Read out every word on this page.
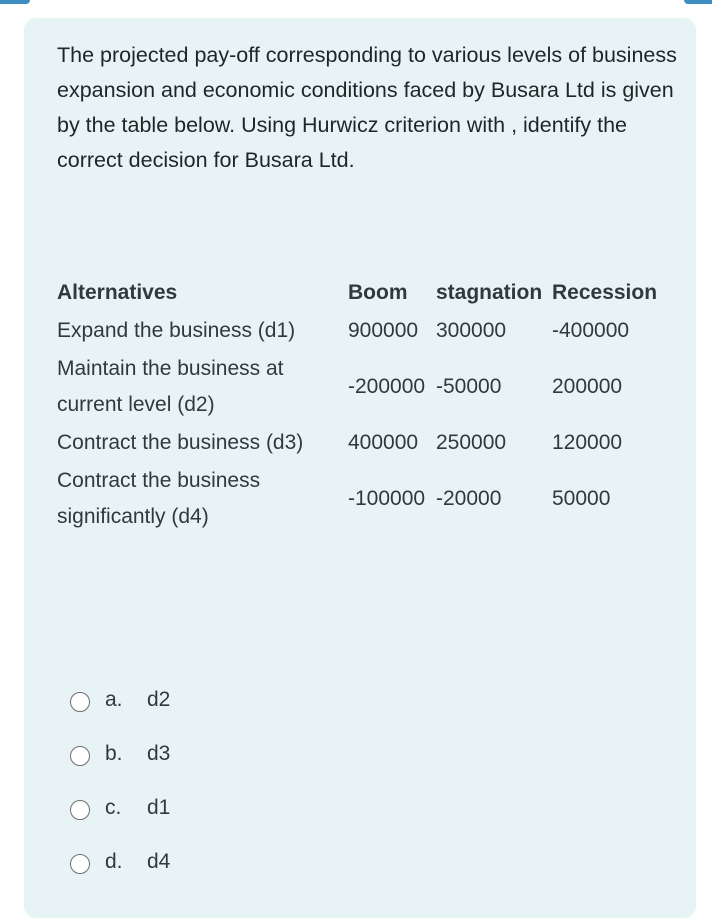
The projected pay-off corresponding to various levels of business expansion and economic conditions faced by Busara Ltd is given by the table below. Using Hurwicz criterion with , identify the correct decision for Busara Ltd.
Alternatives	Boom	stagnation	Recession
Expand the business (d1)	900000	300000	-400000
Maintain the business at current level (d2)	-200000	-50000	200000
Contract the business (d3)	400000	250000	120000
Contract the business significantly (d4)	-100000	-20000	50000
a. d2
b. d3
c. d1
d. d4
